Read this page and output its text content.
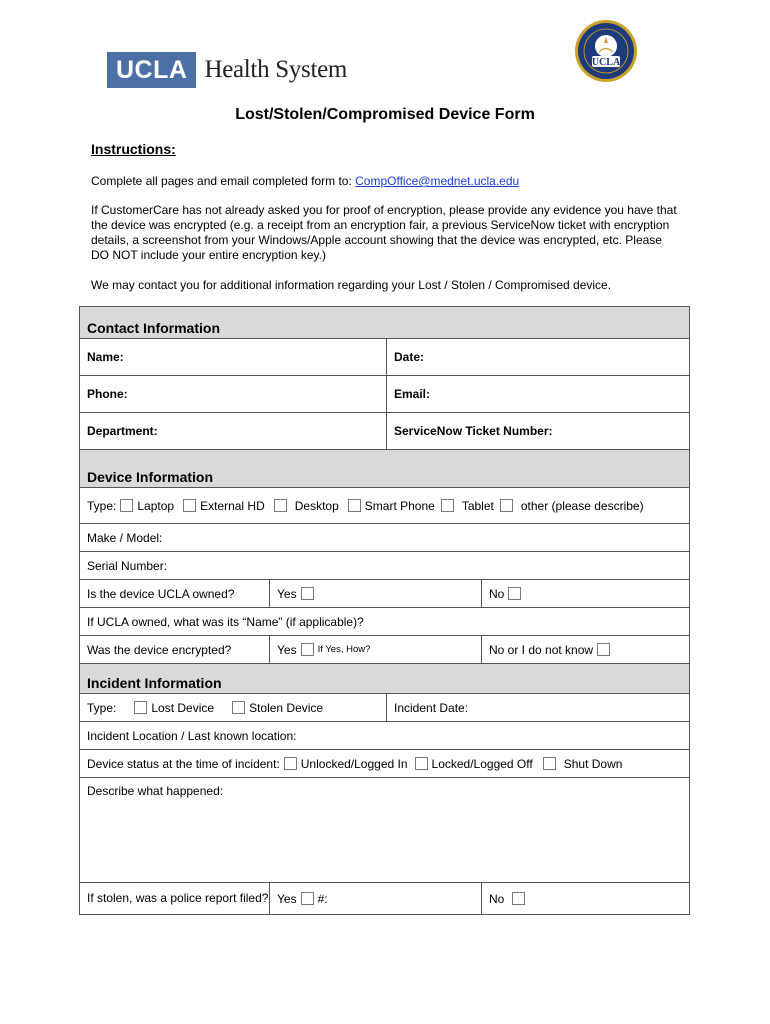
UCLA Health System	UCLA
Lost/Stolen/Compromised Device Form
Instructions:
Complete all pages and email completed form to: CompOffice@mednet.ucla.edu
If CustomerCare has not already asked you for proof of encryption, please provide any evidence you have that the device was encrypted (e.g. a receipt from an encryption fair, a previous ServiceNow ticket with encryption details, a screenshot from your Windows/Apple account showing that the device was encrypted, etc. Please DO NOT include your entire encryption key.)
We may contact you for additional information regarding your Lost / Stolen / Compromised device.
Contact Information
Name:	Date:
Phone:	Email:
Department:	ServiceNow Ticket Number:
Device Information
Type: Laptop External HD	Desktop Smart Phone Tablet other (please describe)
Make / Model:
Serial Number:
Is the device UCLA owned?	Yes	No
If UCLA owned, what was its “Name” (if applicable)?
Was the device encrypted?	Yes If Yes, How?	No or I do not know
Incident Information
Type:	Lost Device	Stolen Device	Incident Date:
Incident Location / Last known location:
Device status at the time of incident: Unlocked/Logged In Locked/Logged Off	Shut Down
Describe what happened:
If stolen, was a police report filed? Yes #:	No
